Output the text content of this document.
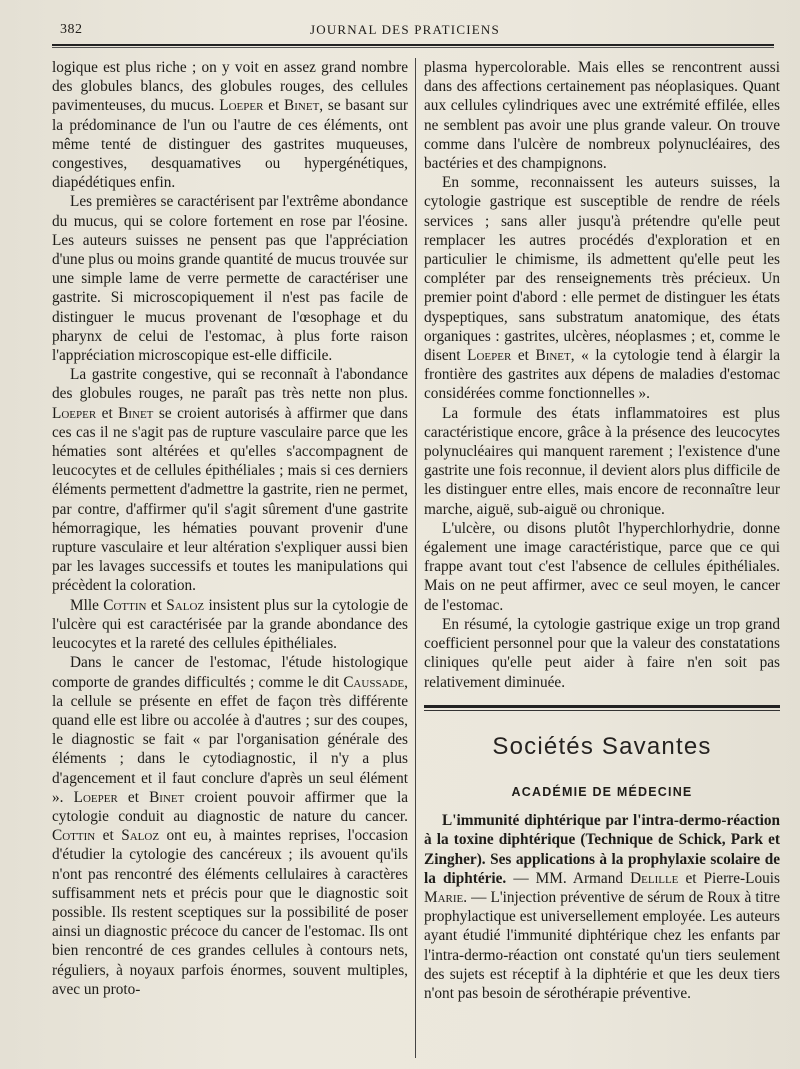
382	JOURNAL DES PRATICIENS

logique est plus riche ; on y voit en assez grand nombre des globules blancs, des globules rouges, des cellules pavimenteuses, du mucus. Loeper et Binet, se basant sur la prédominance de l'un ou l'autre de ces éléments, ont même tenté de distinguer des gastrites muqueuses, congestives, desquamatives ou hypergénétiques, diapédétiques enfin.

Les premières se caractérisent par l'extrême abondance du mucus, qui se colore fortement en rose par l'éosine. Les auteurs suisses ne pensent pas que l'appréciation d'une plus ou moins grande quantité de mucus trouvée sur une simple lame de verre permette de caractériser une gastrite. Si microscopiquement il n'est pas facile de distinguer le mucus provenant de l'œsophage et du pharynx de celui de l'estomac, à plus forte raison l'appréciation microscopique est-elle difficile.

La gastrite congestive, qui se reconnaît à l'abondance des globules rouges, ne paraît pas très nette non plus. Loeper et Binet se croient autorisés à affirmer que dans ces cas il ne s'agit pas de rupture vasculaire parce que les hématies sont altérées et qu'elles s'accompagnent de leucocytes et de cellules épithéliales ; mais si ces derniers éléments permettent d'admettre la gastrite, rien ne permet, par contre, d'affirmer qu'il s'agit sûrement d'une gastrite hémorragique, les hématies pouvant provenir d'une rupture vasculaire et leur altération s'expliquer aussi bien par les lavages successifs et toutes les manipulations qui précèdent la coloration.

Mlle Cottin et Saloz insistent plus sur la cytologie de l'ulcère qui est caractérisée par la grande abondance des leucocytes et la rareté des cellules épithéliales.

Dans le cancer de l'estomac, l'étude histologique comporte de grandes difficultés ; comme le dit Caussade, la cellule se présente en effet de façon très différente quand elle est libre ou accolée à d'autres ; sur des coupes, le diagnostic se fait « par l'organisation générale des éléments ; dans le cytodiagnostic, il n'y a plus d'agencement et il faut conclure d'après un seul élément ». Loeper et Binet croient pouvoir affirmer que la cytologie conduit au diagnostic de nature du cancer. Cottin et Saloz ont eu, à maintes reprises, l'occasion d'étudier la cytologie des cancéreux ; ils avouent qu'ils n'ont pas rencontré des éléments cellulaires à caractères suffisamment nets et précis pour que le diagnostic soit possible. Ils restent sceptiques sur la possibilité de poser ainsi un diagnostic précoce du cancer de l'estomac. Ils ont bien rencontré de ces grandes cellules à contours nets, réguliers, à noyaux parfois énormes, souvent multiples, avec un proto-

plasma hypercolorable. Mais elles se rencontrent aussi dans des affections certainement pas néoplasiques. Quant aux cellules cylindriques avec une extrémité effilée, elles ne semblent pas avoir une plus grande valeur. On trouve comme dans l'ulcère de nombreux polynucléaires, des bactéries et des champignons.

En somme, reconnaissent les auteurs suisses, la cytologie gastrique est susceptible de rendre de réels services ; sans aller jusqu'à prétendre qu'elle peut remplacer les autres procédés d'exploration et en particulier le chimisme, ils admettent qu'elle peut les compléter par des renseignements très précieux. Un premier point d'abord : elle permet de distinguer les états dyspeptiques, sans substratum anatomique, des états organiques : gastrites, ulcères, néoplasmes ; et, comme le disent Loeper et Binet, « la cytologie tend à élargir la frontière des gastrites aux dépens de maladies d'estomac considérées comme fonctionnelles ».

La formule des états inflammatoires est plus caractéristique encore, grâce à la présence des leucocytes polynucléaires qui manquent rarement ; l'existence d'une gastrite une fois reconnue, il devient alors plus difficile de les distinguer entre elles, mais encore de reconnaître leur marche, aiguë, sub-aiguë ou chronique.

L'ulcère, ou disons plutôt l'hyperchlorhydrie, donne également une image caractéristique, parce que ce qui frappe avant tout c'est l'absence de cellules épithéliales. Mais on ne peut affirmer, avec ce seul moyen, le cancer de l'estomac.

En résumé, la cytologie gastrique exige un trop grand coefficient personnel pour que la valeur des constatations cliniques qu'elle peut aider à faire n'en soit pas relativement diminuée.

Sociétés Savantes
ACADÉMIE DE MÉDECINE

L'immunité diphtérique par l'intra-dermo-réaction à la toxine diphtérique (Technique de Schick, Park et Zingher). Ses applications à la prophylaxie scolaire de la diphtérie. — MM. Armand Delille et Pierre-Louis Marie. — L'injection préventive de sérum de Roux à titre prophylactique est universellement employée. Les auteurs ayant étudié l'immunité diphtérique chez les enfants par l'intra-dermo-réaction ont constaté qu'un tiers seulement des sujets est réceptif à la diphtérie et que les deux tiers n'ont pas besoin de sérothérapie préventive.
